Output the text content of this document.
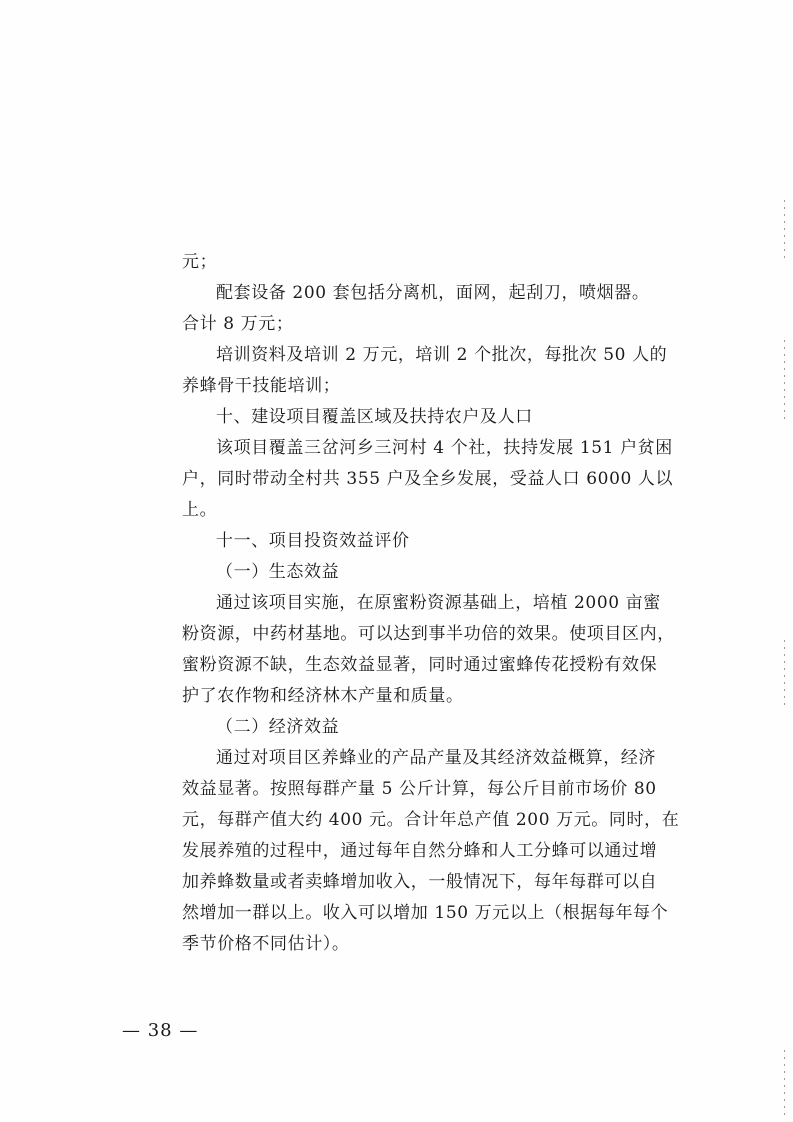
元；
配套设备 200 套包括分离机，面网，起刮刀，喷烟器。
合计 8 万元；
培训资料及培训 2 万元，培训 2 个批次，每批次 50 人的
养蜂骨干技能培训；
十、建设项目覆盖区域及扶持农户及人口
该项目覆盖三岔河乡三河村 4 个社，扶持发展 151 户贫困
户，同时带动全村共 355 户及全乡发展，受益人口 6000 人以
上。
十一、项目投资效益评价
（一）生态效益
通过该项目实施，在原蜜粉资源基础上，培植 2000 亩蜜
粉资源，中药材基地。可以达到事半功倍的效果。使项目区内，
蜜粉资源不缺，生态效益显著，同时通过蜜蜂传花授粉有效保
护了农作物和经济林木产量和质量。
（二）经济效益
通过对项目区养蜂业的产品产量及其经济效益概算，经济
效益显著。按照每群产量 5 公斤计算，每公斤目前市场价 80
元，每群产值大约 400 元。合计年总产值 200 万元。同时，在
发展养殖的过程中，通过每年自然分蜂和人工分蜂可以通过增
加养蜂数量或者卖蜂增加收入，一般情况下，每年每群可以自
然增加一群以上。收入可以增加 150 万元以上（根据每年每个
季节价格不同估计）。
— 38 —
